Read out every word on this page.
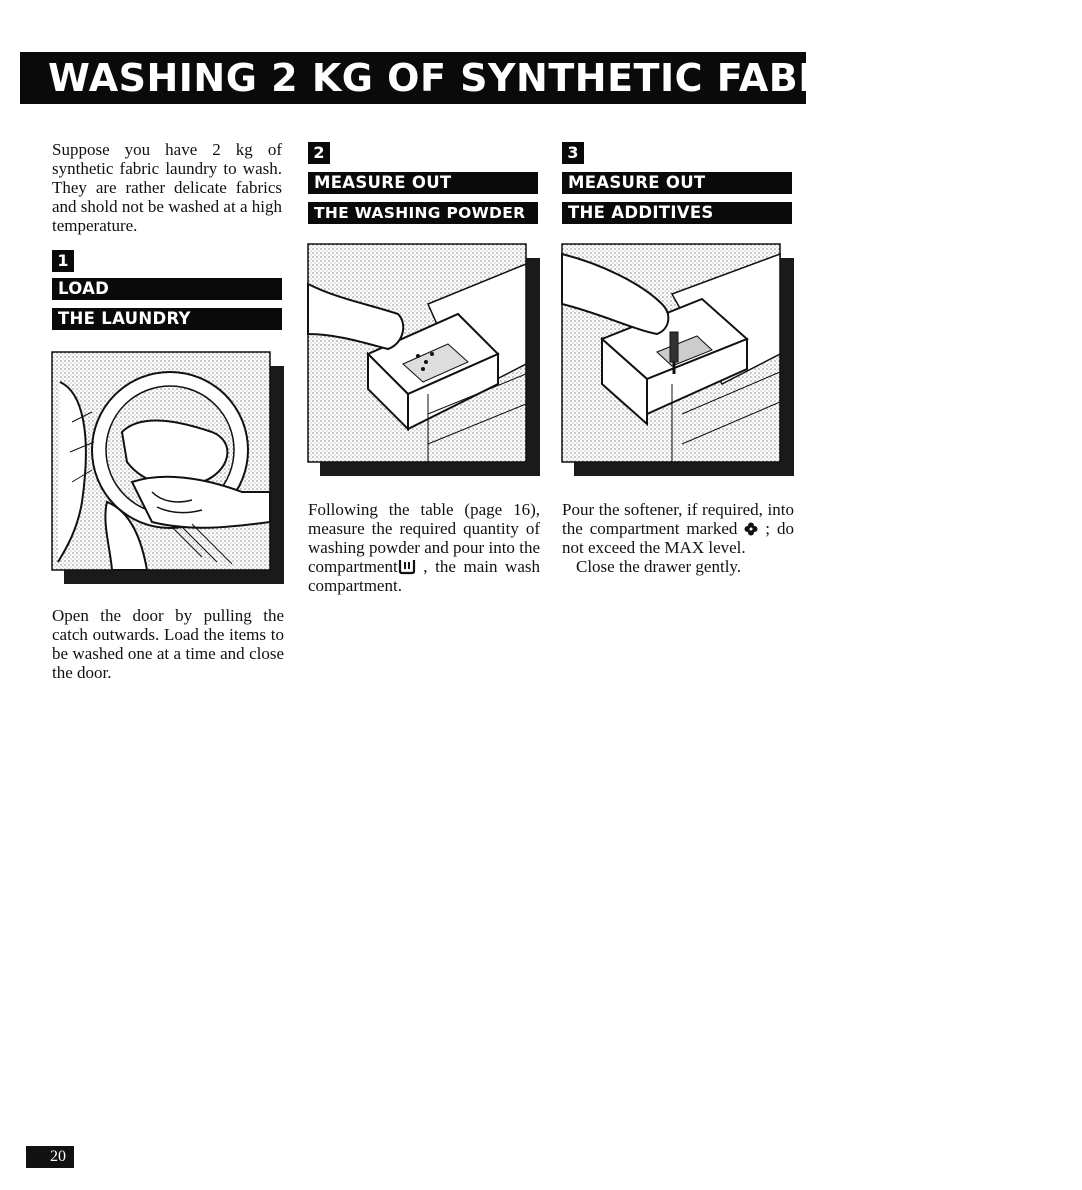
WASHING 2 KG OF SYNTHETIC FABRICS AT 40°C

Suppose you have 2 kg of synthetic fabric laundry to wash. They are rather delicate fabrics and shold not be washed at a high temperature.

1
LOAD
THE LAUNDRY

Open the door by pulling the catch outwards. Load the items to be washed one at a time and close the door.

2
MEASURE OUT
THE WASHING POWDER

Following the table (page 16), measure the required quantity of washing powder and pour into the compartment , the main wash compartment.

3
MEASURE OUT
THE ADDITIVES

Pour the softener, if required, into the compartment marked  ; do not exceed the MAX level.

Close the drawer gently.

20
